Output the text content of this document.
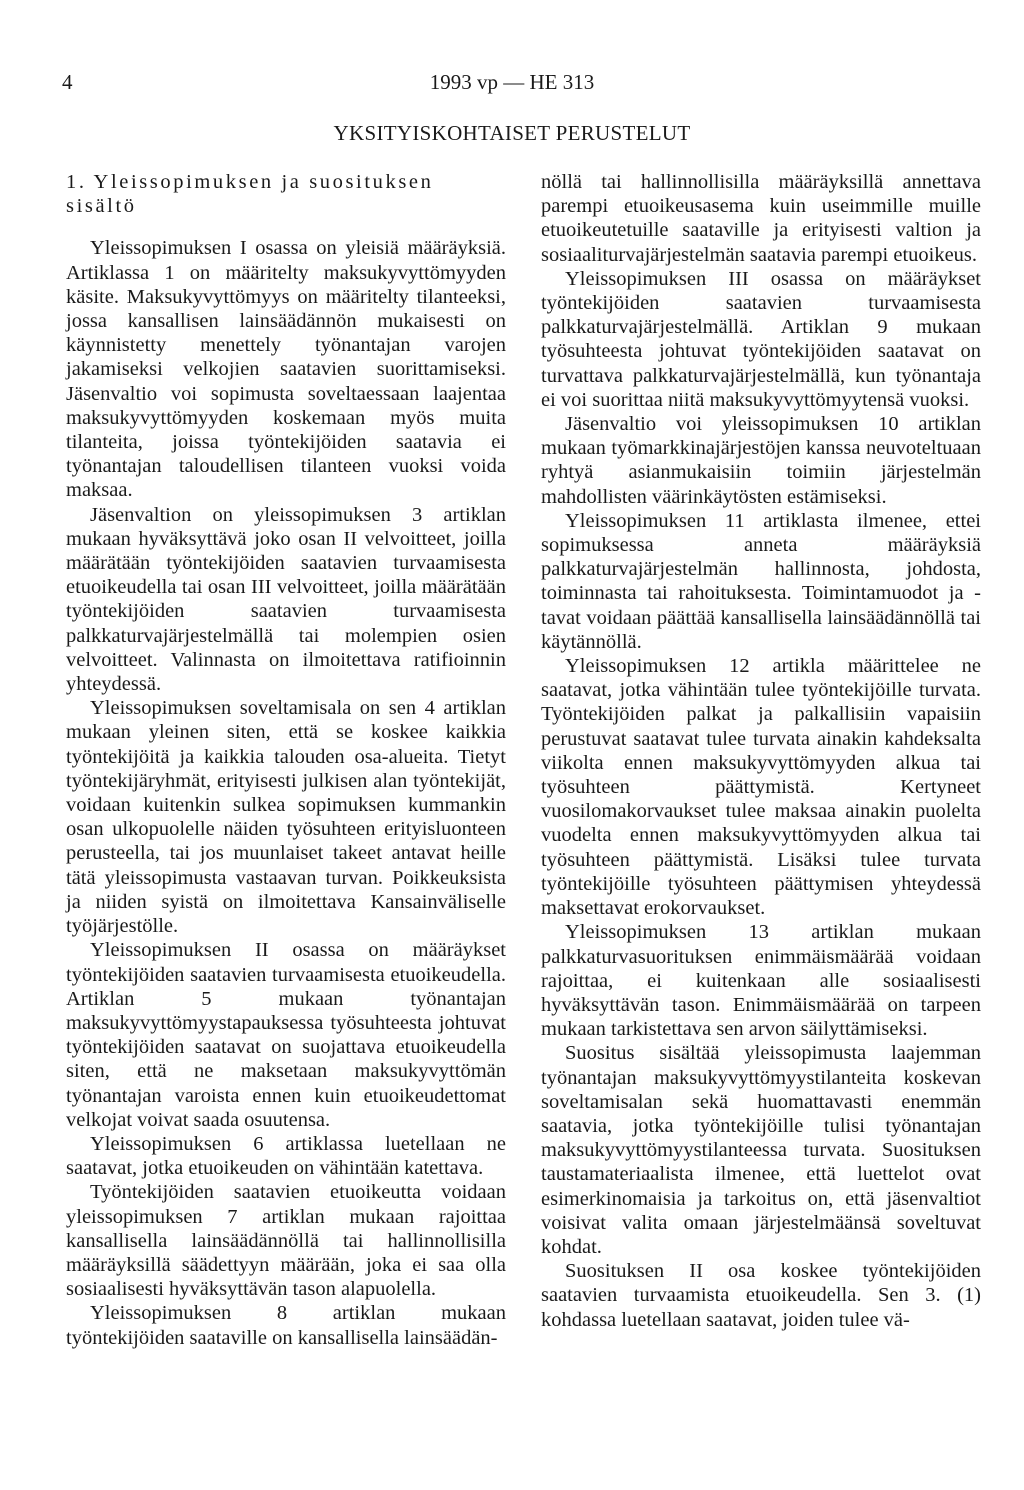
4	1993 vp — HE 313
YKSITYISKOHTAISET PERUSTELUT
1. Yleissopimuksen ja suosituksen sisältö

Yleissopimuksen I osassa on yleisiä määräyksiä. Artiklassa 1 on määritelty maksukyvyttömyyden käsite. Maksukyvyttömyys on määritelty tilanteeksi, jossa kansallisen lainsäädännön mukaisesti on käynnistetty menettely työnantajan varojen jakamiseksi velkojien saatavien suorittamiseksi. Jäsenvaltio voi sopimusta soveltaessaan laajentaa maksukyvyttömyyden koskemaan myös muita tilanteita, joissa työntekijöiden saatavia ei työnantajan taloudellisen tilanteen vuoksi voida maksaa.

Jäsenvaltion on yleissopimuksen 3 artiklan mukaan hyväksyttävä joko osan II velvoitteet, joilla määrätään työntekijöiden saatavien turvaamisesta etuoikeudella tai osan III velvoitteet, joilla määrätään työntekijöiden saatavien turvaamisesta palkkaturvajärjestelmällä tai molempien osien velvoitteet. Valinnasta on ilmoitettava ratifioinnin yhteydessä.

Yleissopimuksen soveltamisala on sen 4 artiklan mukaan yleinen siten, että se koskee kaikkia työntekijöitä ja kaikkia talouden osa-alueita. Tietyt työntekijäryhmät, erityisesti julkisen alan työntekijät, voidaan kuitenkin sulkea sopimuksen kummankin osan ulkopuolelle näiden työsuhteen erityisluonteen perusteella, tai jos muunlaiset takeet antavat heille tätä yleissopimusta vastaavan turvan. Poikkeuksista ja niiden syistä on ilmoitettava Kansainväliselle työjärjestölle.

Yleissopimuksen II osassa on määräykset työntekijöiden saatavien turvaamisesta etuoikeudella. Artiklan 5 mukaan työnantajan maksukyvyttömyystapauksessa työsuhteesta johtuvat työntekijöiden saatavat on suojattava etuoikeudella siten, että ne maksetaan maksukyvyttömän työnantajan varoista ennen kuin etuoikeudettomat velkojat voivat saada osuutensa.

Yleissopimuksen 6 artiklassa luetellaan ne saatavat, jotka etuoikeuden on vähintään katettava.

Työntekijöiden saatavien etuoikeutta voidaan yleissopimuksen 7 artiklan mukaan rajoittaa kansallisella lainsäädännöllä tai hallinnollisilla määräyksillä säädettyyn määrään, joka ei saa olla sosiaalisesti hyväksyttävän tason alapuolella.

Yleissopimuksen 8 artiklan mukaan työntekijöiden saataville on kansallisella lainsäädän-

nöllä tai hallinnollisilla määräyksillä annettava parempi etuoikeusasema kuin useimmille muille etuoikeutetuille saataville ja erityisesti valtion ja sosiaaliturvajärjestelmän saatavia parempi etuoikeus.

Yleissopimuksen III osassa on määräykset työntekijöiden saatavien turvaamisesta palkkaturvajärjestelmällä. Artiklan 9 mukaan työsuhteesta johtuvat työntekijöiden saatavat on turvattava palkkaturvajärjestelmällä, kun työnantaja ei voi suorittaa niitä maksukyvyttömyytensä vuoksi.

Jäsenvaltio voi yleissopimuksen 10 artiklan mukaan työmarkkinajärjestöjen kanssa neuvoteltuaan ryhtyä asianmukaisiin toimiin järjestelmän mahdollisten väärinkäytösten estämiseksi.

Yleissopimuksen 11 artiklasta ilmenee, ettei sopimuksessa anneta määräyksiä palkkaturvajärjestelmän hallinnosta, johdosta, toiminnasta tai rahoituksesta. Toimintamuodot ja -tavat voidaan päättää kansallisella lainsäädännöllä tai käytännöllä.

Yleissopimuksen 12 artikla määrittelee ne saatavat, jotka vähintään tulee työntekijöille turvata. Työntekijöiden palkat ja palkallisiin vapaisiin perustuvat saatavat tulee turvata ainakin kahdeksalta viikolta ennen maksukyvyttömyyden alkua tai työsuhteen päättymistä. Kertyneet vuosilomakorvaukset tulee maksaa ainakin puolelta vuodelta ennen maksukyvyttömyyden alkua tai työsuhteen päättymistä. Lisäksi tulee turvata työntekijöille työsuhteen päättymisen yhteydessä maksettavat erokorvaukset.

Yleissopimuksen 13 artiklan mukaan palkkaturvasuorituksen enimmäismäärää voidaan rajoittaa, ei kuitenkaan alle sosiaalisesti hyväksyttävän tason. Enimmäismäärää on tarpeen mukaan tarkistettava sen arvon säilyttämiseksi.

Suositus sisältää yleissopimusta laajemman työnantajan maksukyvyttömyystilanteita koskevan soveltamisalan sekä huomattavasti enemmän saatavia, jotka työntekijöille tulisi työnantajan maksukyvyttömyystilanteessa turvata. Suosituksen taustamateriaalista ilmenee, että luettelot ovat esimerkinomaisia ja tarkoitus on, että jäsenvaltiot voisivat valita omaan järjestelmäänsä soveltuvat kohdat.

Suosituksen II osa koskee työntekijöiden saatavien turvaamista etuoikeudella. Sen 3. (1) kohdassa luetellaan saatavat, joiden tulee vä-
